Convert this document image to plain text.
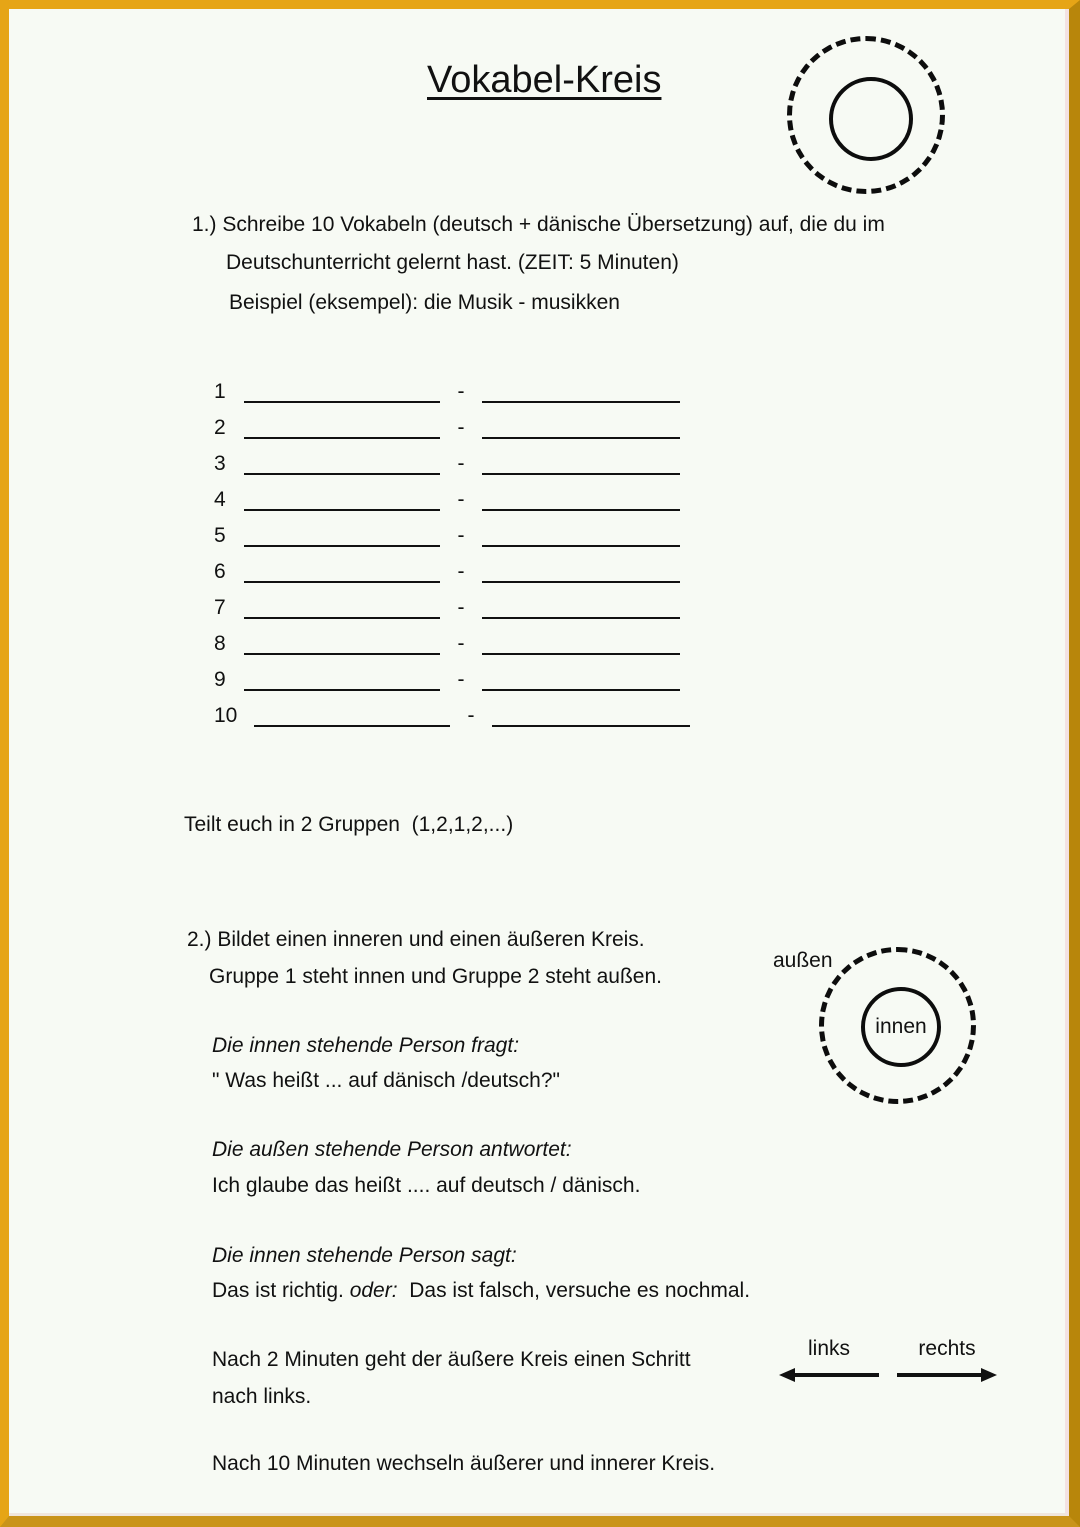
Vokabel-Kreis
1.) Schreibe 10 Vokabeln (deutsch + dänische Übersetzung) auf, die du im
Deutschunterricht gelernt hast. (ZEIT: 5 Minuten)
Beispiel (eksempel): die Musik - musikken
1	-
2	-
3	-
4	-
5	-
6	-
7	-
8	-
9	-
10	-
Teilt euch in 2 Gruppen  (1,2,1,2,...)
2.) Bildet einen inneren und einen äußeren Kreis.
Gruppe 1 steht innen und Gruppe 2 steht außen.
Die innen stehende Person fragt:
" Was heißt ... auf dänisch /deutsch?"
Die außen stehende Person antwortet:
Ich glaube das heißt .... auf deutsch / dänisch.
Die innen stehende Person sagt:
Das ist richtig. oder:  Das ist falsch, versuche es nochmal.
Nach 2 Minuten geht der äußere Kreis einen Schritt
nach links.
Nach 10 Minuten wechseln äußerer und innerer Kreis.
innen
außen
links	rechts
